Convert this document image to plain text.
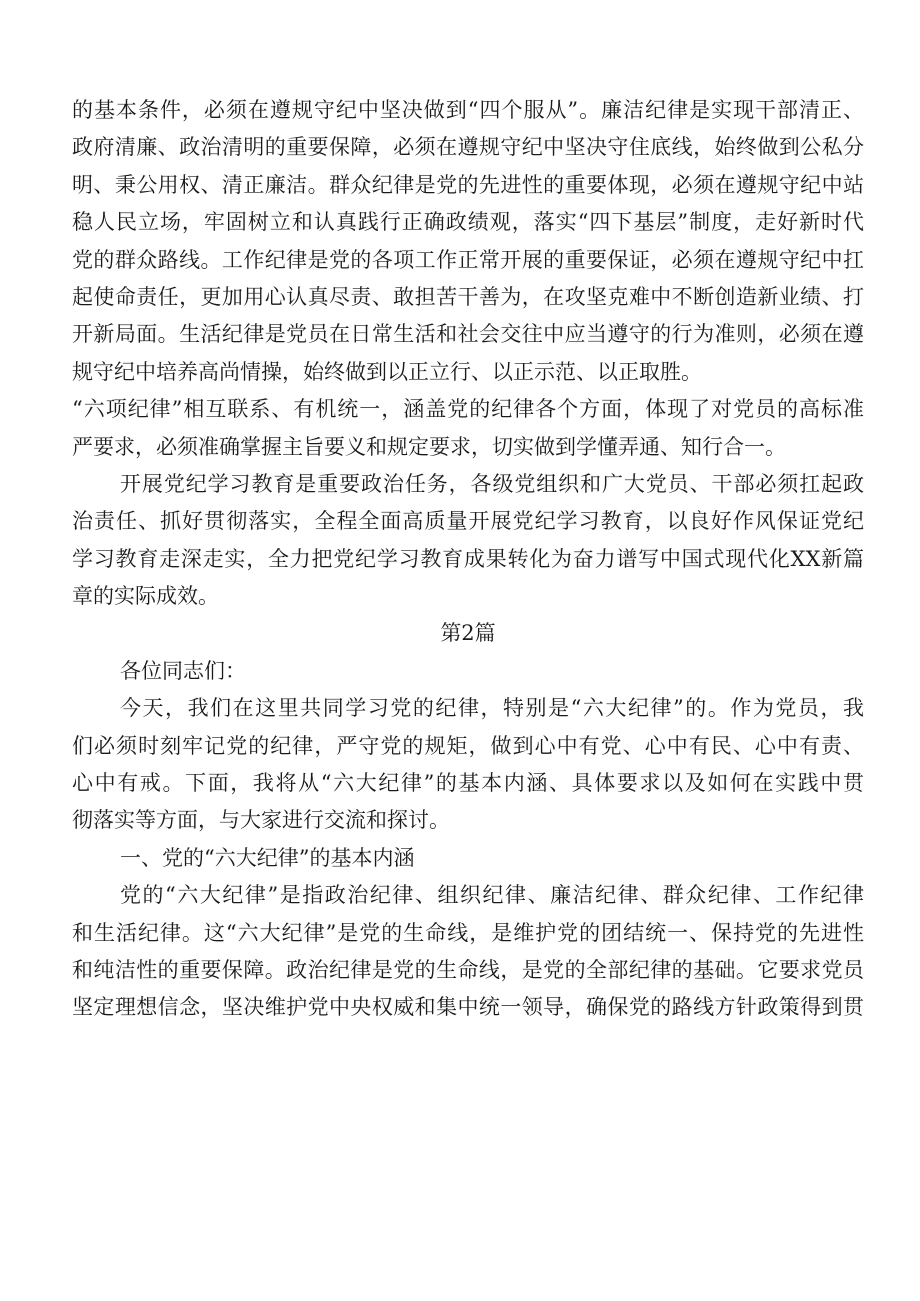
的基本条件，必须在遵规守纪中坚决做到“四个服从”。廉洁纪律是实现干部清正、
政府清廉、政治清明的重要保障，必须在遵规守纪中坚决守住底线，始终做到公私分
明、秉公用权、清正廉洁。群众纪律是党的先进性的重要体现，必须在遵规守纪中站
稳人民立场，牢固树立和认真践行正确政绩观，落实“四下基层”制度，走好新时代
党的群众路线。工作纪律是党的各项工作正常开展的重要保证，必须在遵规守纪中扛
起使命责任，更加用心认真尽责、敢担苦干善为，在攻坚克难中不断创造新业绩、打
开新局面。生活纪律是党员在日常生活和社会交往中应当遵守的行为准则，必须在遵
规守纪中培养高尚情操，始终做到以正立行、以正示范、以正取胜。
“六项纪律”相互联系、有机统一，涵盖党的纪律各个方面，体现了对党员的高标准
严要求，必须准确掌握主旨要义和规定要求，切实做到学懂弄通、知行合一。
开展党纪学习教育是重要政治任务，各级党组织和广大党员、干部必须扛起政
治责任、抓好贯彻落实，全程全面高质量开展党纪学习教育，以良好作风保证党纪
学习教育走深走实，全力把党纪学习教育成果转化为奋力谱写中国式现代化XX新篇
章的实际成效。
第2篇
各位同志们：
今天，我们在这里共同学习党的纪律，特别是“六大纪律”的。作为党员，我
们必须时刻牢记党的纪律，严守党的规矩，做到心中有党、心中有民、心中有责、
心中有戒。下面，我将从“六大纪律”的基本内涵、具体要求以及如何在实践中贯
彻落实等方面，与大家进行交流和探讨。
一、党的“六大纪律”的基本内涵
党的“六大纪律”是指政治纪律、组织纪律、廉洁纪律、群众纪律、工作纪律
和生活纪律。这“六大纪律”是党的生命线，是维护党的团结统一、保持党的先进性
和纯洁性的重要保障。政治纪律是党的生命线，是党的全部纪律的基础。它要求党员
坚定理想信念，坚决维护党中央权威和集中统一领导，确保党的路线方针政策得到贯
